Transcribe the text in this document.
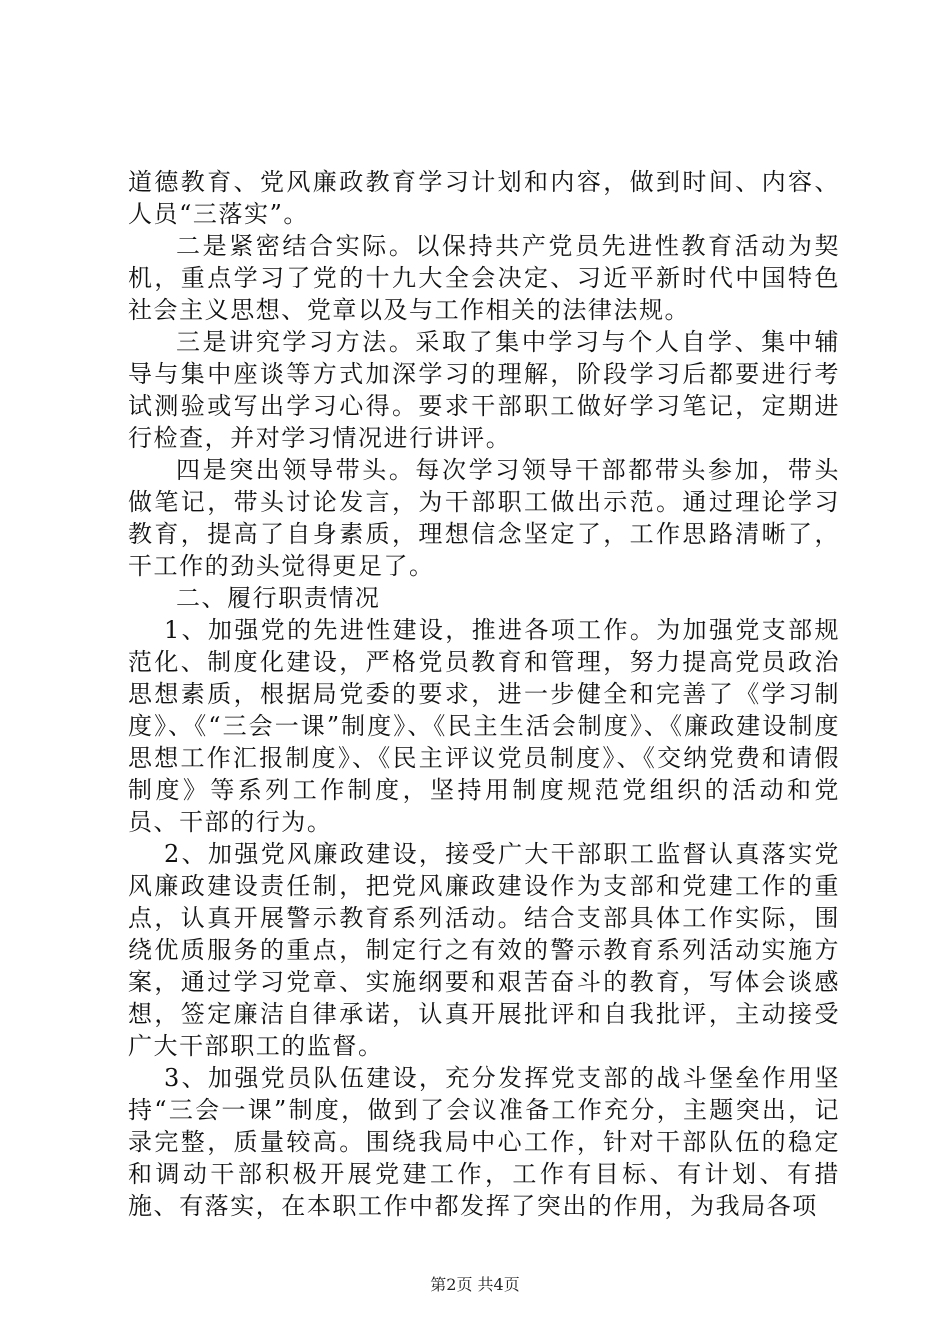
道德教育、党风廉政教育学习计划和内容，做到时间、内容、人员“三落实”。

二是紧密结合实际。以保持共产党员先进性教育活动为契机，重点学习了党的十九大全会决定、习近平新时代中国特色社会主义思想、党章以及与工作相关的法律法规。

三是讲究学习方法。采取了集中学习与个人自学、集中辅导与集中座谈等方式加深学习的理解，阶段学习后都要进行考试测验或写出学习心得。要求干部职工做好学习笔记，定期进行检查，并对学习情况进行讲评。

四是突出领导带头。每次学习领导干部都带头参加，带头做笔记，带头讨论发言，为干部职工做出示范。通过理论学习教育，提高了自身素质，理想信念坚定了，工作思路清晰了，干工作的劲头觉得更足了。

二、履行职责情况

1、加强党的先进性建设，推进各项工作。为加强党支部规范化、制度化建设，严格党员教育和管理，努力提高党员政治思想素质，根据局党委的要求，进一步健全和完善了《学习制度》、《“三会一课”制度》、《民主生活会制度》、《廉政建设制度思想工作汇报制度》、《民主评议党员制度》、《交纳党费和请假制度》等系列工作制度，坚持用制度规范党组织的活动和党员、干部的行为。

2、加强党风廉政建设，接受广大干部职工监督认真落实党风廉政建设责任制，把党风廉政建设作为支部和党建工作的重点，认真开展警示教育系列活动。结合支部具体工作实际，围绕优质服务的重点，制定行之有效的警示教育系列活动实施方案，通过学习党章、实施纲要和艰苦奋斗的教育，写体会谈感想，签定廉洁自律承诺，认真开展批评和自我批评，主动接受广大干部职工的监督。

3、加强党员队伍建设，充分发挥党支部的战斗堡垒作用坚持“三会一课”制度，做到了会议准备工作充分，主题突出，记录完整，质量较高。围绕我局中心工作，针对干部队伍的稳定和调动干部积极开展党建工作，工作有目标、有计划、有措施、有落实，在本职工作中都发挥了突出的作用，为我局各项

第2页 共4页
